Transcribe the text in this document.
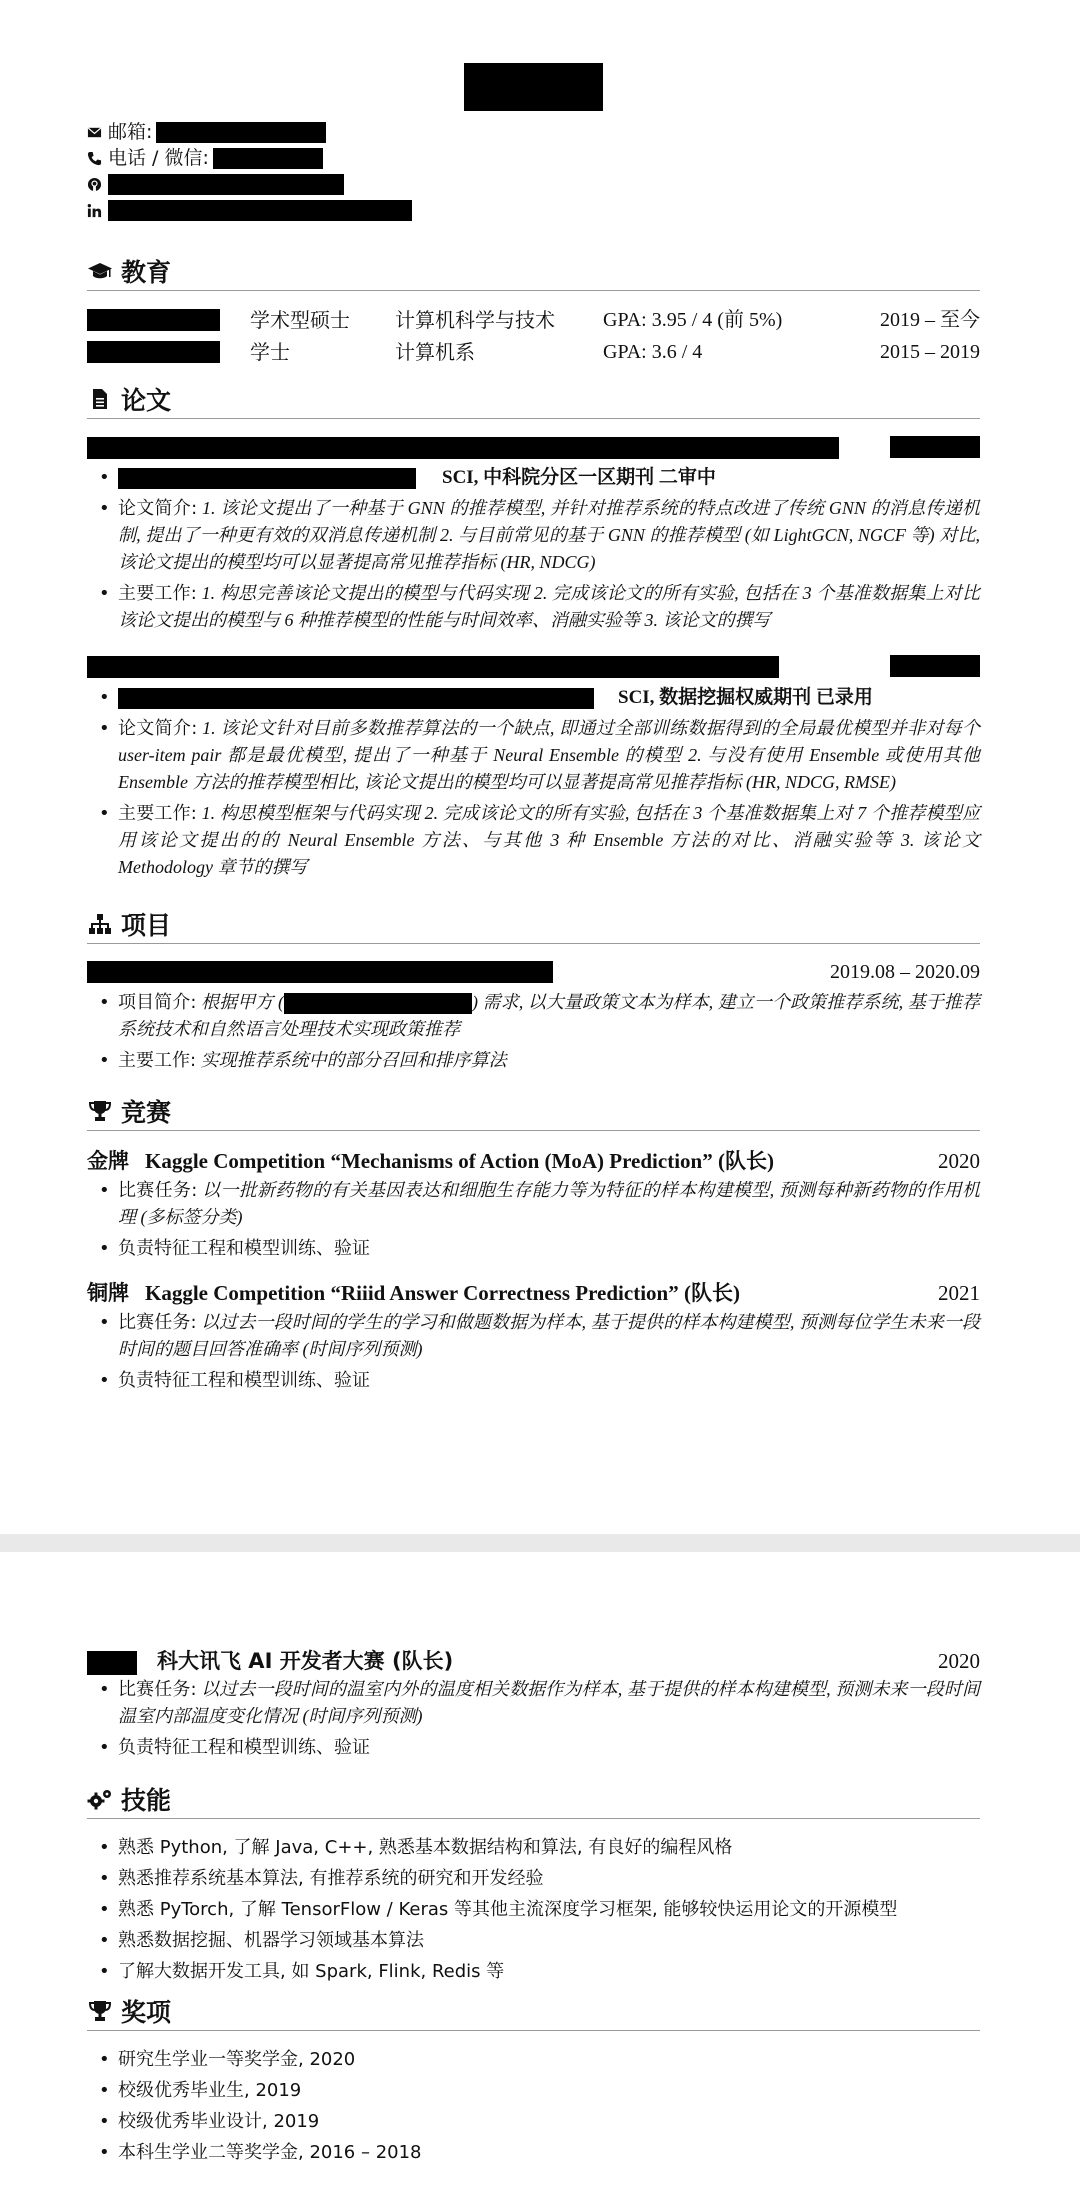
邮箱:
电话 / 微信:
教育
学术型硕士 计算机科学与技术 GPA: 3.95 / 4 (前 5%)	2019 – 至今
学士	计算机系	GPA: 3.6 / 4	2015 – 2019
论文
• SCI, 中科院分区一区期刊 二审中
• 论文简介: 1. 该论文提出了一种基于 GNN 的推荐模型, 并针对推荐系统的特点改进了传统 GNN 的消息传递机制, 提出了一种更有效的双消息传递机制 2. 与目前常见的基于 GNN 的推荐模型 (如 LightGCN, NGCF 等) 对比, 该论文提出的模型均可以显著提高常见推荐指标 (HR, NDCG)
• 主要工作: 1. 构思完善该论文提出的模型与代码实现 2. 完成该论文的所有实验, 包括在 3 个基准数据集上对比该论文提出的模型与 6 种推荐模型的性能与时间效率、消融实验等 3. 该论文的撰写
• SCI, 数据挖掘权威期刊 已录用
• 论文简介: 1. 该论文针对目前多数推荐算法的一个缺点, 即通过全部训练数据得到的全局最优模型并非对每个 user-item pair 都是最优模型, 提出了一种基于 Neural Ensemble 的模型 2. 与没有使用 Ensemble 或使用其他 Ensemble 方法的推荐模型相比, 该论文提出的模型均可以显著提高常见推荐指标 (HR, NDCG, RMSE)
• 主要工作: 1. 构思模型框架与代码实现 2. 完成该论文的所有实验, 包括在 3 个基准数据集上对 7 个推荐模型应用该论文提出的的 Neural Ensemble 方法、与其他 3 种 Ensemble 方法的对比、消融实验等 3. 该论文 Methodology 章节的撰写
项目
2019.08 – 2020.09
• 项目简介: 根据甲方 (	) 需求, 以大量政策文本为样本, 建立一个政策推荐系统, 基于推荐系统技术和自然语言处理技术实现政策推荐
• 主要工作: 实现推荐系统中的部分召回和排序算法
竞赛
金牌 Kaggle Competition “Mechanisms of Action (MoA) Prediction” (队长)	2020
• 比赛任务: 以一批新药物的有关基因表达和细胞生存能力等为特征的样本构建模型, 预测每种新药物的作用机理 (多标签分类)
• 负责特征工程和模型训练、验证
铜牌 Kaggle Competition “Riiid Answer Correctness Prediction” (队长)	2021
• 比赛任务: 以过去一段时间的学生的学习和做题数据为样本, 基于提供的样本构建模型, 预测每位学生未来一段时间的题目回答准确率 (时间序列预测)
• 负责特征工程和模型训练、验证
科大讯飞 AI 开发者大赛 (队长)	2020
• 比赛任务: 以过去一段时间的温室内外的温度相关数据作为样本, 基于提供的样本构建模型, 预测未来一段时间温室内部温度变化情况 (时间序列预测)
• 负责特征工程和模型训练、验证
技能
• 熟悉 Python, 了解 Java, C++, 熟悉基本数据结构和算法, 有良好的编程风格
• 熟悉推荐系统基本算法, 有推荐系统的研究和开发经验
• 熟悉 PyTorch, 了解 TensorFlow / Keras 等其他主流深度学习框架, 能够较快运用论文的开源模型
• 熟悉数据挖掘、机器学习领域基本算法
• 了解大数据开发工具, 如 Spark, Flink, Redis 等
奖项
• 研究生学业一等奖学金, 2020
• 校级优秀毕业生, 2019
• 校级优秀毕业设计, 2019
• 本科生学业二等奖学金, 2016 – 2018
